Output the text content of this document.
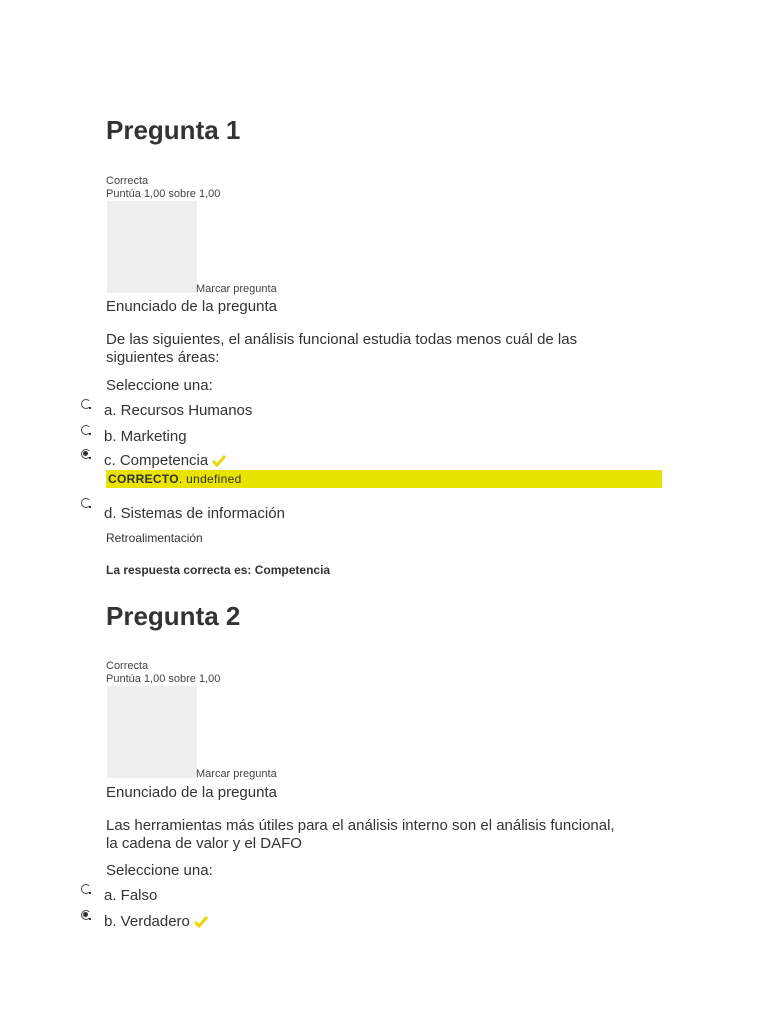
Pregunta 1
Correcta
Puntúa 1,00 sobre 1,00
Marcar pregunta
Enunciado de la pregunta
De las siguientes, el análisis funcional estudia todas menos cuál de las
siguientes áreas:
Seleccione una:
a. Recursos Humanos
b. Marketing
c. Competencia
CORRECTO. undefined
d. Sistemas de información
Retroalimentación
La respuesta correcta es: Competencia
Pregunta 2
Correcta
Puntúa 1,00 sobre 1,00
Marcar pregunta
Enunciado de la pregunta
Las herramientas más útiles para el análisis interno son el análisis funcional,
la cadena de valor y el DAFO
Seleccione una:
a. Falso
b. Verdadero
